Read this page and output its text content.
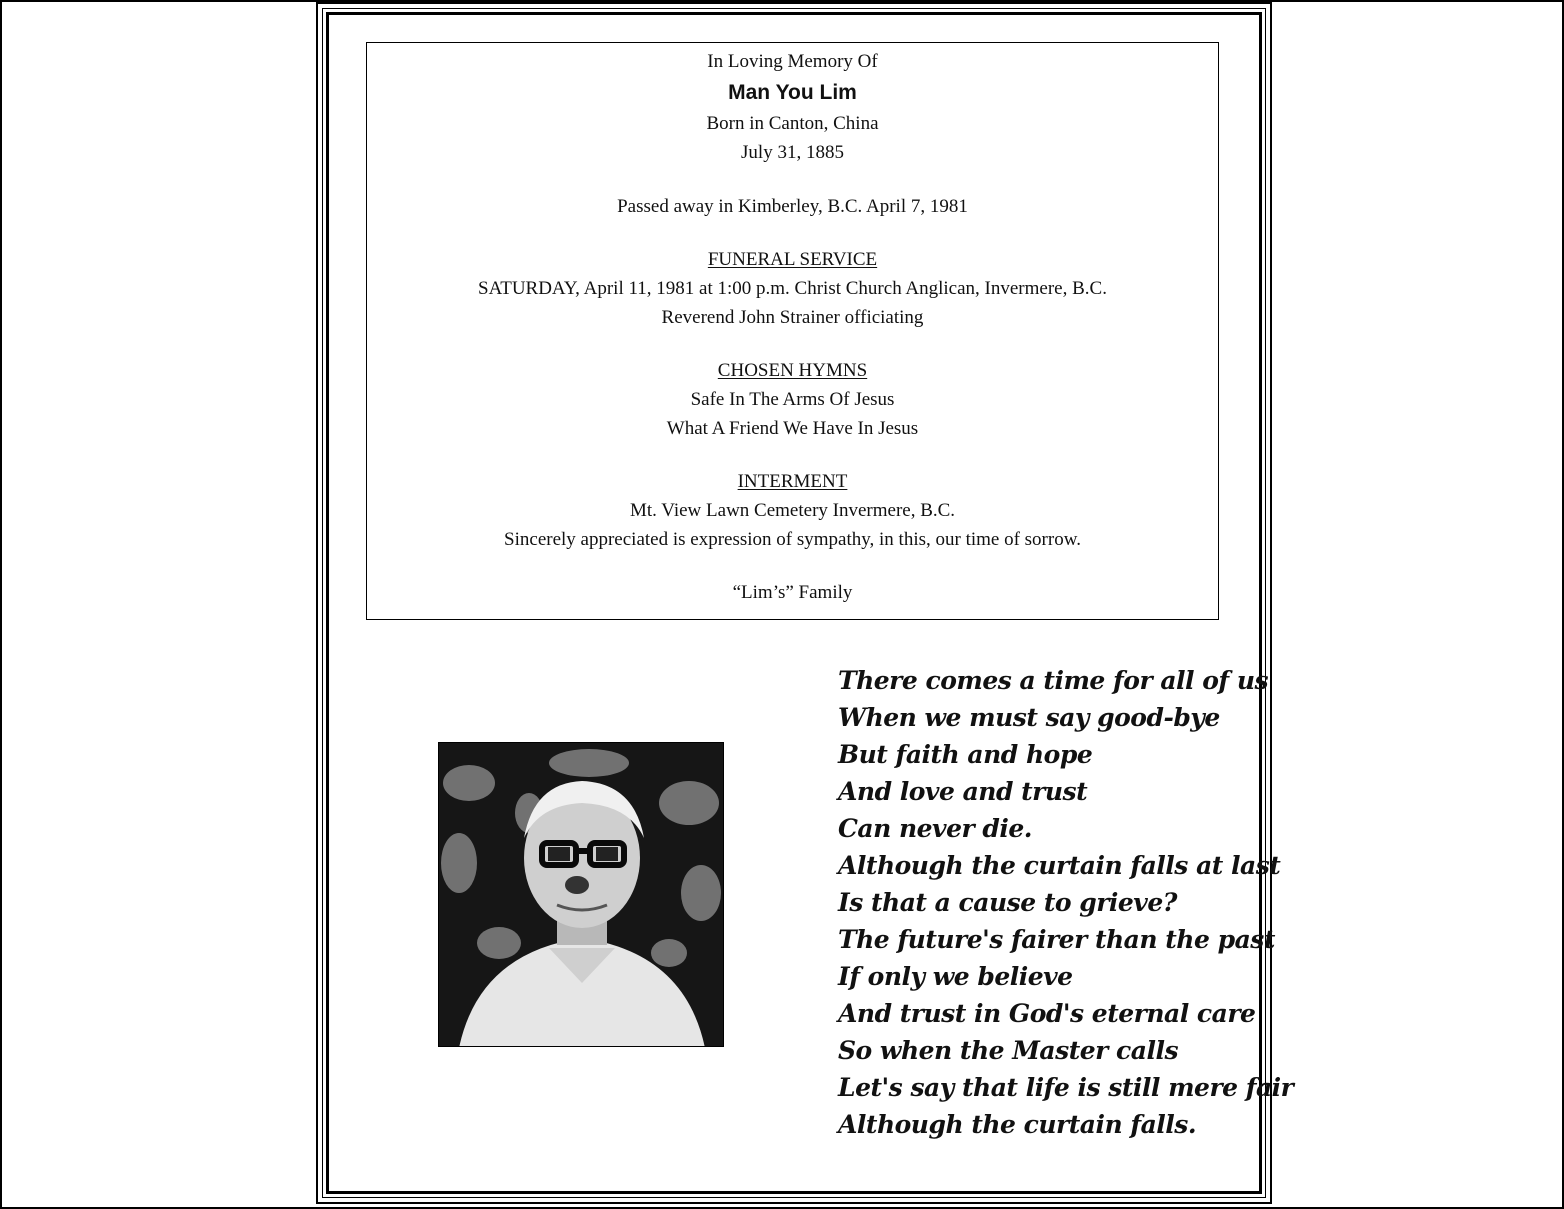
In Loving Memory Of
Man You Lim
Born in Canton, China
July 31, 1885
Passed away in Kimberley, B.C. April 7, 1981
FUNERAL SERVICE
SATURDAY, April 11, 1981 at 1:00 p.m. Christ Church Anglican, Invermere, B.C.
Reverend John Strainer officiating
CHOSEN HYMNS
Safe In The Arms Of Jesus
What A Friend We Have In Jesus
INTERMENT
Mt. View Lawn Cemetery Invermere, B.C.
Sincerely appreciated is expression of sympathy, in this, our time of sorrow.
“Lim’s” Family
There comes a time for all of us
When we must say good-bye
But faith and hope
And love and trust
Can never die.
Although the curtain falls at last
Is that a cause to grieve?
The future's fairer than the past
If only we believe
And trust in God's eternal care
So when the Master calls
Let's say that life is still mere fair
Although the curtain falls.
